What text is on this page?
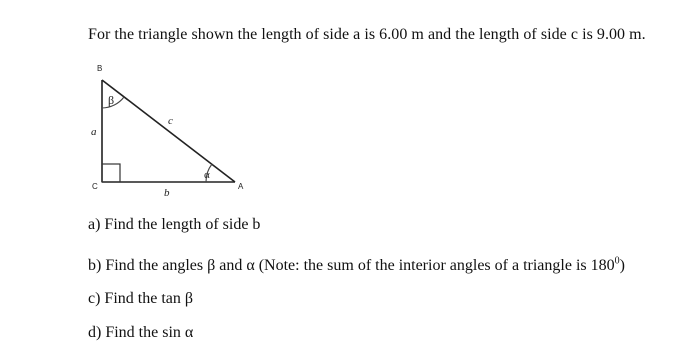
For the triangle shown the length of side a is 6.00 m and the length of side c is 9.00 m.
B
C	A
a
c
b
β
α
a) Find the length of side b
b) Find the angles β and α (Note: the sum of the interior angles of a triangle is $180^0$)
c) Find the tan β
d) Find the sin α
